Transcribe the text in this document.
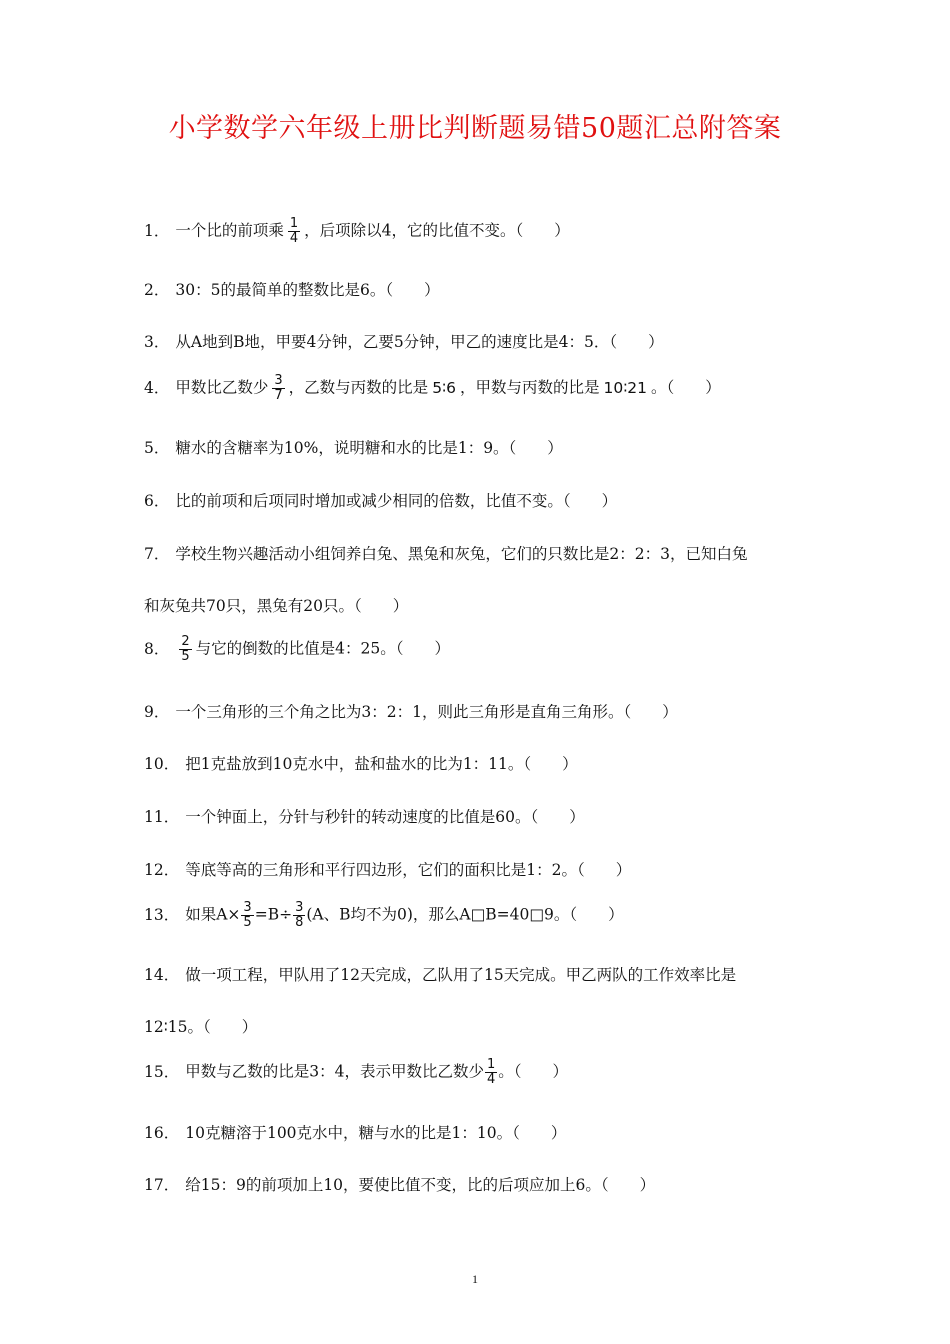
小学数学六年级上册比判断题易错50题汇总附答案
1． 一个比的前项乘 $\frac{1}{4}$ ，后项除以4，它的比值不变。（　　）
2． 30：5的最简单的整数比是6。（　　）
3． 从A地到B地，甲要4分钟，乙要5分钟，甲乙的速度比是4：5．（　　）
4． 甲数比乙数少 $\frac{3}{7}$ ，乙数与丙数的比是 5∶6 ，甲数与丙数的比是 10∶21 。（　　）
5． 糖水的含糖率为10%，说明糖和水的比是1：9。（　　）
6． 比的前项和后项同时增加或减少相同的倍数，比值不变。（　　）
7． 学校生物兴趣活动小组饲养白兔、黑兔和灰兔，它们的只数比是2：2：3，已知白兔
和灰兔共70只，黑兔有20只。（　　）
8． $\frac{2}{5}$ 与它的倒数的比值是4：25。（　　）
9． 一个三角形的三个角之比为3：2：1，则此三角形是直角三角形。（　　）
10． 把1克盐放到10克水中，盐和盐水的比为1：11。（　　）
11． 一个钟面上，分针与秒针的转动速度的比值是60。（　　）
12． 等底等高的三角形和平行四边形，它们的面积比是1：2。（　　）
13． 如果$A\times \frac{3}{5} =B\div \frac{3}{8} (A$、B均不为0)，那么A□B=40□9。（　　）
14． 做一项工程，甲队用了12天完成，乙队用了15天完成。甲乙两队的工作效率比是
12∶15。（　　）
15． 甲数与乙数的比是3：4，表示甲数比乙数少 $\frac{1}{4}$ 。（　　）
16． 10克糖溶于100克水中，糖与水的比是1：10。（　　）
17． 给15：9的前项加上10，要使比值不变，比的后项应加上6。（　　）
1
